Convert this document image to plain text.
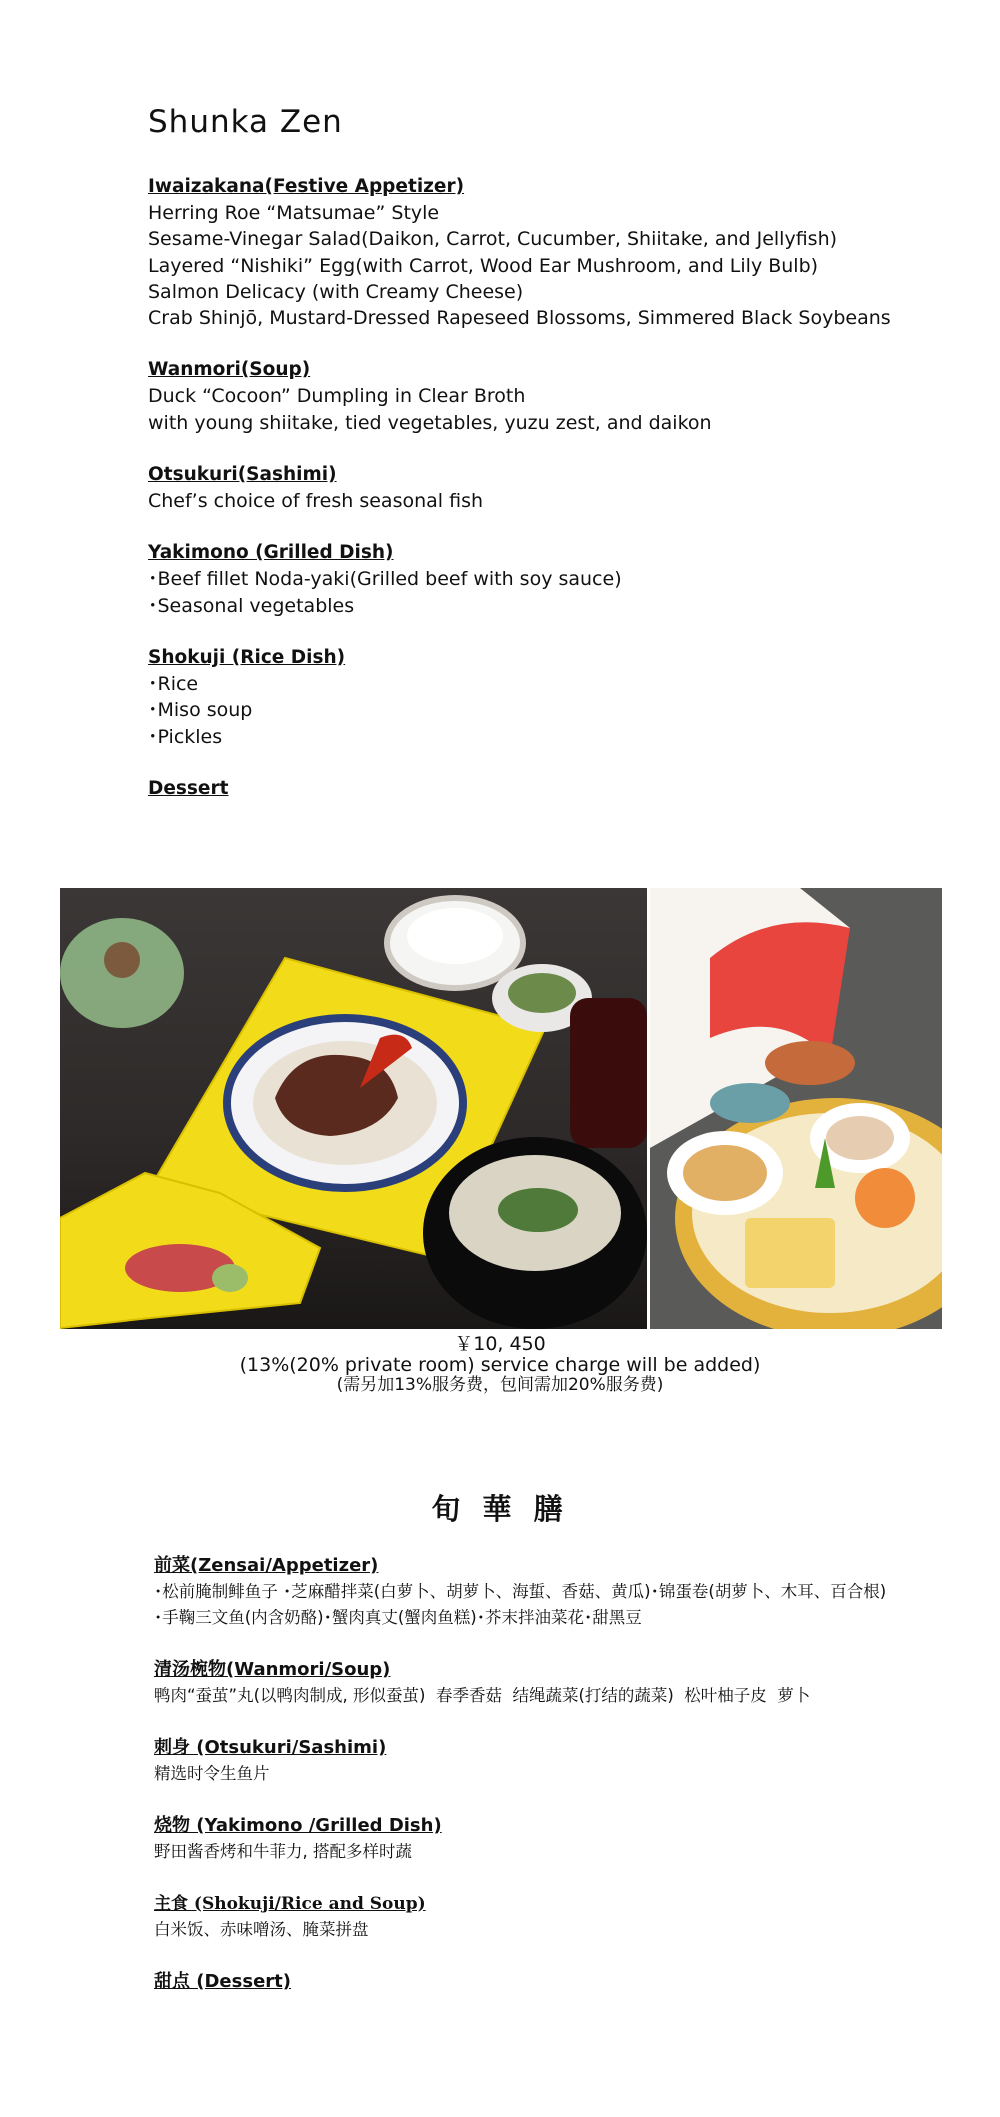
Shunka Zen
Iwaizakana(Festive Appetizer)
Herring Roe “Matsumae” Style
Sesame-Vinegar Salad(Daikon, Carrot, Cucumber, Shiitake, and Jellyfish)
Layered “Nishiki” Egg(with Carrot, Wood Ear Mushroom, and Lily Bulb)
Salmon Delicacy (with Creamy Cheese)
Crab Shinjō, Mustard-Dressed Rapeseed Blossoms, Simmered Black Soybeans
Wanmori(Soup)
Duck “Cocoon” Dumpling in Clear Broth
with young shiitake, tied vegetables, yuzu zest, and daikon
Otsukuri(Sashimi)
Chef’s choice of fresh seasonal fish
Yakimono (Grilled Dish)
･Beef fillet Noda-yaki(Grilled beef with soy sauce)
･Seasonal vegetables
Shokuji (Rice Dish)
･Rice
･Miso soup
･Pickles
Dessert
￥10, 450
(13%(20% private room) service charge will be added)
(需另加13%服务费，包间需加20%服务费)
旬 華 膳
前菜(Zensai/Appetizer)
･松前腌制鲱鱼子 ･芝麻醋拌菜(白萝卜、胡萝卜、海蜇、香菇、黄瓜)･锦蛋卷(胡萝卜、木耳、百合根)
･手鞠三文鱼(内含奶酪)･蟹肉真丈(蟹肉鱼糕)･芥末拌油菜花･甜黑豆
清汤椀物(Wanmori/Soup)
鸭肉“蚕茧”丸(以鸭肉制成, 形似蚕茧)  春季香菇  结绳蔬菜(打结的蔬菜)  松叶柚子皮  萝卜
刺身 (Otsukuri/Sashimi)
精选时令生鱼片
烧物 (Yakimono /Grilled Dish)
野田酱香烤和牛菲力, 搭配多样时蔬
主食 (Shokuji/Rice and Soup)
白米饭、赤味噌汤、腌菜拼盘
甜点 (Dessert)
